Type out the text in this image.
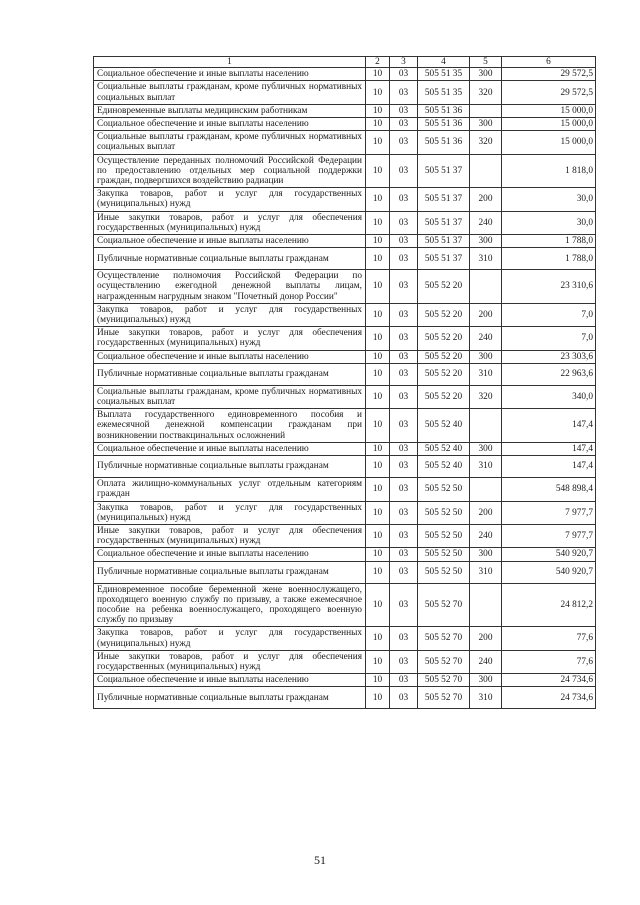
1	2	3	4	5	6
Социальное обеспечение и иные выплаты населению	10	03	505 51 35	300	29 572,5
Социальные выплаты гражданам, кроме публичных нормативных социальных выплат	10	03	505 51 35	320	29 572,5
Единовременные выплаты медицинским работникам	10	03	505 51 36		15 000,0
Социальное обеспечение и иные выплаты населению	10	03	505 51 36	300	15 000,0
Социальные выплаты гражданам, кроме публичных нормативных социальных выплат	10	03	505 51 36	320	15 000,0
Осуществление переданных полномочий Российской Федерации по предоставлению отдельных мер социальной поддержки граждан, подвергшихся воздействию радиации	10	03	505 51 37		1 818,0
Закупка товаров, работ и услуг для государственных (муниципальных) нужд	10	03	505 51 37	200	30,0
Иные закупки товаров, работ и услуг для обеспечения государственных (муниципальных) нужд	10	03	505 51 37	240	30,0
Социальное обеспечение и иные выплаты населению	10	03	505 51 37	300	1 788,0
Публичные нормативные социальные выплаты гражданам	10	03	505 51 37	310	1 788,0
Осуществление полномочия Российской Федерации по осуществлению ежегодной денежной выплаты лицам, награжденным нагрудным знаком "Почетный донор России"	10	03	505 52 20		23 310,6
Закупка товаров, работ и услуг для государственных (муниципальных) нужд	10	03	505 52 20	200	7,0
Иные закупки товаров, работ и услуг для обеспечения государственных (муниципальных) нужд	10	03	505 52 20	240	7,0
Социальное обеспечение и иные выплаты населению	10	03	505 52 20	300	23 303,6
Публичные нормативные социальные выплаты гражданам	10	03	505 52 20	310	22 963,6
Социальные выплаты гражданам, кроме публичных нормативных социальных выплат	10	03	505 52 20	320	340,0
Выплата государственного единовременного пособия и ежемесячной денежной компенсации гражданам при возникновении поствакцинальных осложнений	10	03	505 52 40		147,4
Социальное обеспечение и иные выплаты населению	10	03	505 52 40	300	147,4
Публичные нормативные социальные выплаты гражданам	10	03	505 52 40	310	147,4
Оплата жилищно-коммунальных услуг отдельным категориям граждан	10	03	505 52 50		548 898,4
Закупка товаров, работ и услуг для государственных (муниципальных) нужд	10	03	505 52 50	200	7 977,7
Иные закупки товаров, работ и услуг для обеспечения государственных (муниципальных) нужд	10	03	505 52 50	240	7 977,7
Социальное обеспечение и иные выплаты населению	10	03	505 52 50	300	540 920,7
Публичные нормативные социальные выплаты гражданам	10	03	505 52 50	310	540 920,7
Единовременное пособие беременной жене военнослужащего, проходящего военную службу по призыву, а также ежемесячное пособие на ребенка военнослужащего, проходящего военную службу по призыву	10	03	505 52 70		24 812,2
Закупка товаров, работ и услуг для государственных (муниципальных) нужд	10	03	505 52 70	200	77,6
Иные закупки товаров, работ и услуг для обеспечения государственных (муниципальных) нужд	10	03	505 52 70	240	77,6
Социальное обеспечение и иные выплаты населению	10	03	505 52 70	300	24 734,6
Публичные нормативные социальные выплаты гражданам	10	03	505 52 70	310	24 734,6
51
